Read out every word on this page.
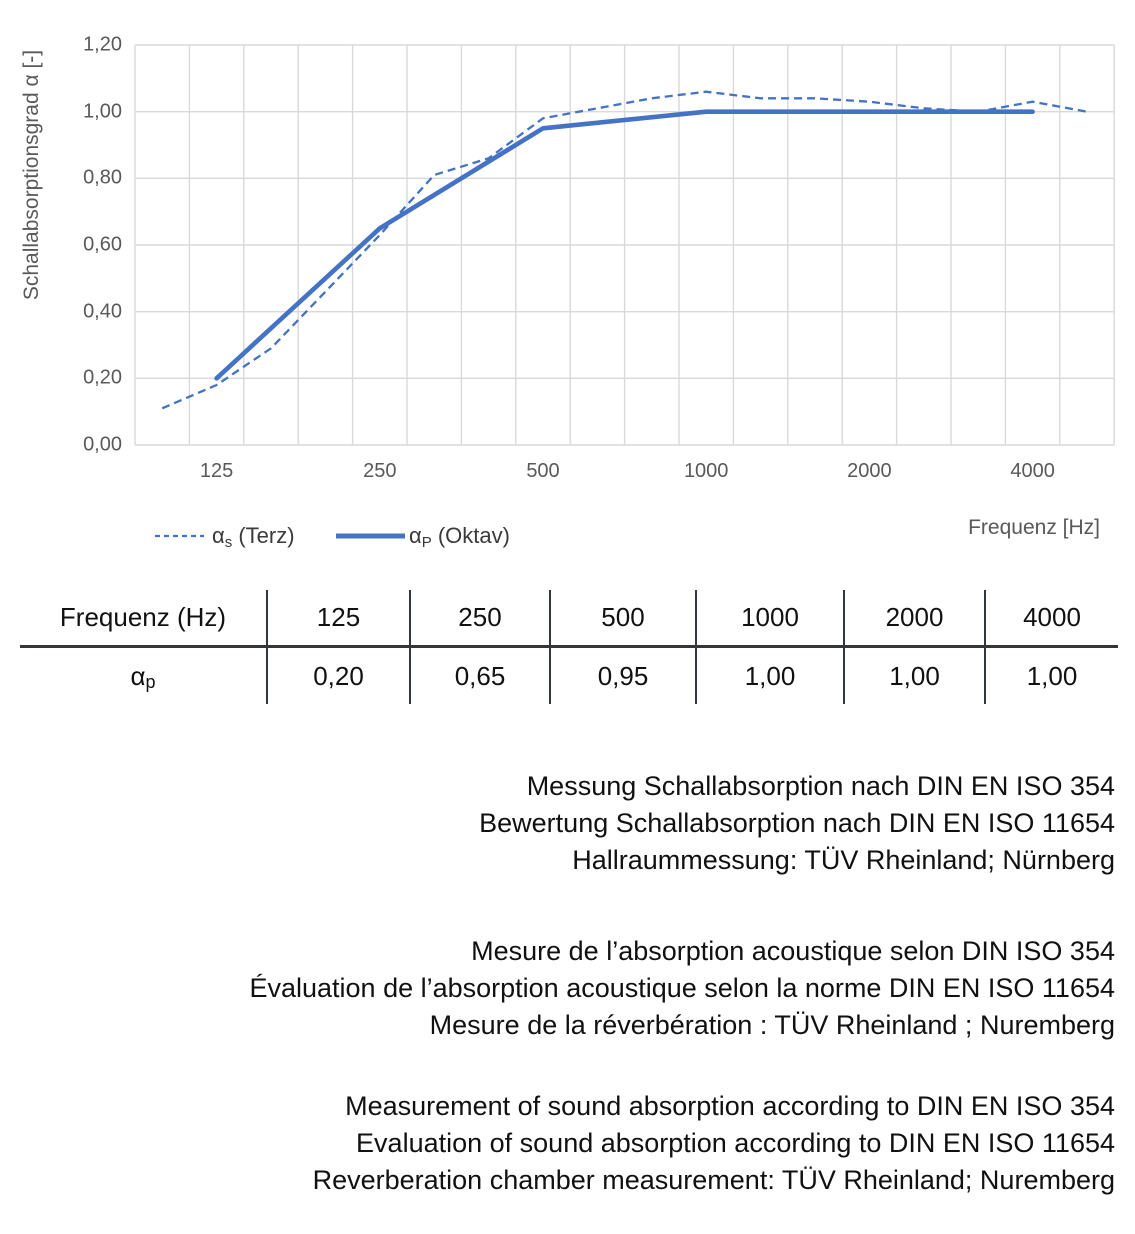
Schallabsorptionsgrad α [-]
1,20
1,00
0,80
0,60
0,40
0,20
0,00
125	250	500	1000	2000	4000
Frequenz [Hz]
αs (Terz)	αP (Oktav)
Frequenz (Hz)	125	250	500	1000	2000	4000
α p	0,20	0,65	0,95	1,00	1,00	1,00
Messung Schallabsorption nach DIN EN ISO 354
Bewertung Schallabsorption nach DIN EN ISO 11654
Hallraummessung: TÜV Rheinland; Nürnberg
Mesure de l’absorption acoustique selon DIN ISO 354
Évaluation de l’absorption acoustique selon la norme DIN EN ISO 11654
Mesure de la réverbération : TÜV Rheinland ; Nuremberg
Measurement of sound absorption according to DIN EN ISO 354
Evaluation of sound absorption according to DIN EN ISO 11654
Reverberation chamber measurement: TÜV Rheinland; Nuremberg
